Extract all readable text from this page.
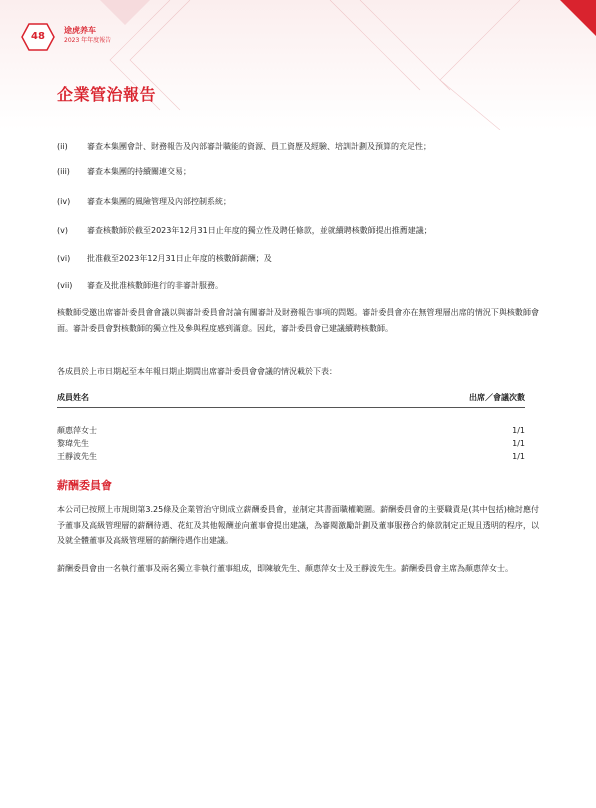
48
途虎养车
2023 年年度報告
企業管治報告
(ii)	審查本集團會計、財務報告及內部審計職能的資源、員工資歷及經驗、培訓計劃及預算的充足性；
(iii)	審查本集團的持續關連交易；
(iv)	審查本集團的風險管理及內部控制系統；
(v)	審查核數師於截至2023年12月31日止年度的獨立性及聘任條款，並就續聘核數師提出推薦建議；
(vi)	批准截至2023年12月31日止年度的核數師薪酬；及
(vii)	審查及批准核數師進行的非審計服務。

核數師受邀出席審計委員會會議以與審計委員會討論有關審計及財務報告事項的問題。審計委員會亦在無管理層出席的情況下與核數師會面。審計委員會對核數師的獨立性及參與程度感到滿意。因此，審計委員會已建議續聘核數師。

各成員於上市日期起至本年報日期止期間出席審計委員會會議的情況載於下表：

成員姓名	出席／會議次數
顏惠萍女士	1/1
黎瑋先生	1/1
王靜波先生	1/1
薪酬委員會

本公司已按照上市規則第3.25條及企業管治守則成立薪酬委員會，並制定其書面職權範圍。薪酬委員會的主要職責是(其中包括)檢討應付予董事及高級管理層的薪酬待遇、花紅及其他報酬並向董事會提出建議，為審閱激勵計劃及董事服務合約條款制定正規且透明的程序，以及就全體董事及高級管理層的薪酬待遇作出建議。

薪酬委員會由一名執行董事及兩名獨立非執行董事組成，即陳敏先生、顏惠萍女士及王靜波先生。薪酬委員會主席為顏惠萍女士。
